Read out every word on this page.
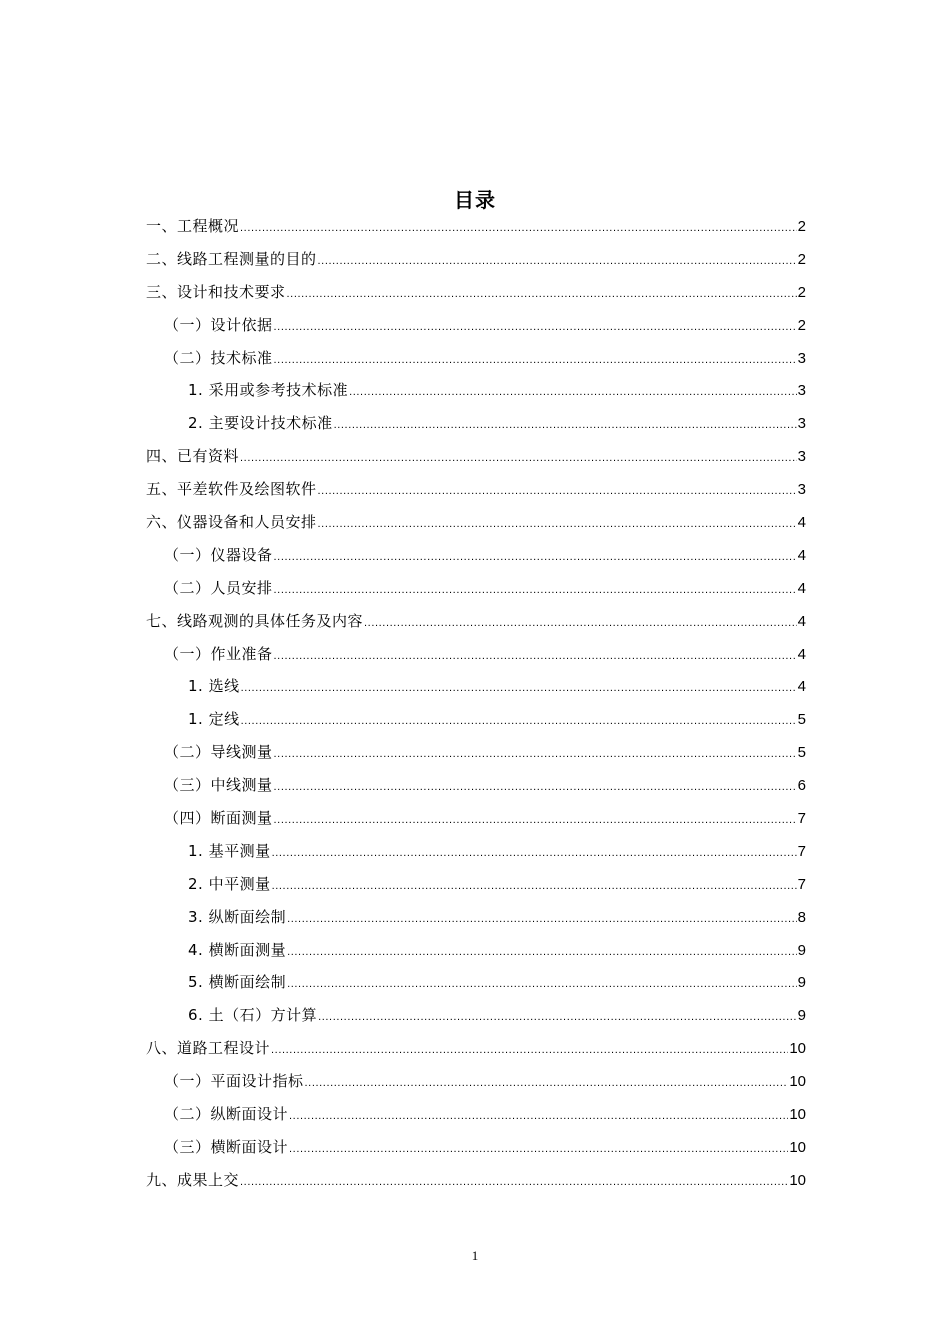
目录
一、工程概况 .....	2
二、线路工程测量的目的 .....	2
三、设计和技术要求 .....	2
（一）设计依据 .....	2
（二）技术标准 .....	3
1. 采用或参考技术标准 .....	3
2. 主要设计技术标准 .....	3
四、已有资料 .....	3
五、平差软件及绘图软件 .....	3
六、仪器设备和人员安排 .....	4
（一）仪器设备 .....	4
（二）人员安排 .....	4
七、线路观测的具体任务及内容 .....	4
（一）作业准备 .....	4
1. 选线 .....	4
1. 定线 .....	5
（二）导线测量 .....	5
（三）中线测量 .....	6
（四）断面测量 .....	7
1. 基平测量 .....	7
2. 中平测量 .....	7
3. 纵断面绘制 .....	8
4. 横断面测量 .....	9
5. 横断面绘制 .....	9
6. 土（石）方计算 .....	9
八、道路工程设计 .....	10
（一）平面设计指标 .....	10
（二）纵断面设计 .....	10
（三）横断面设计 .....	10
九、成果上交 .....	10
1
